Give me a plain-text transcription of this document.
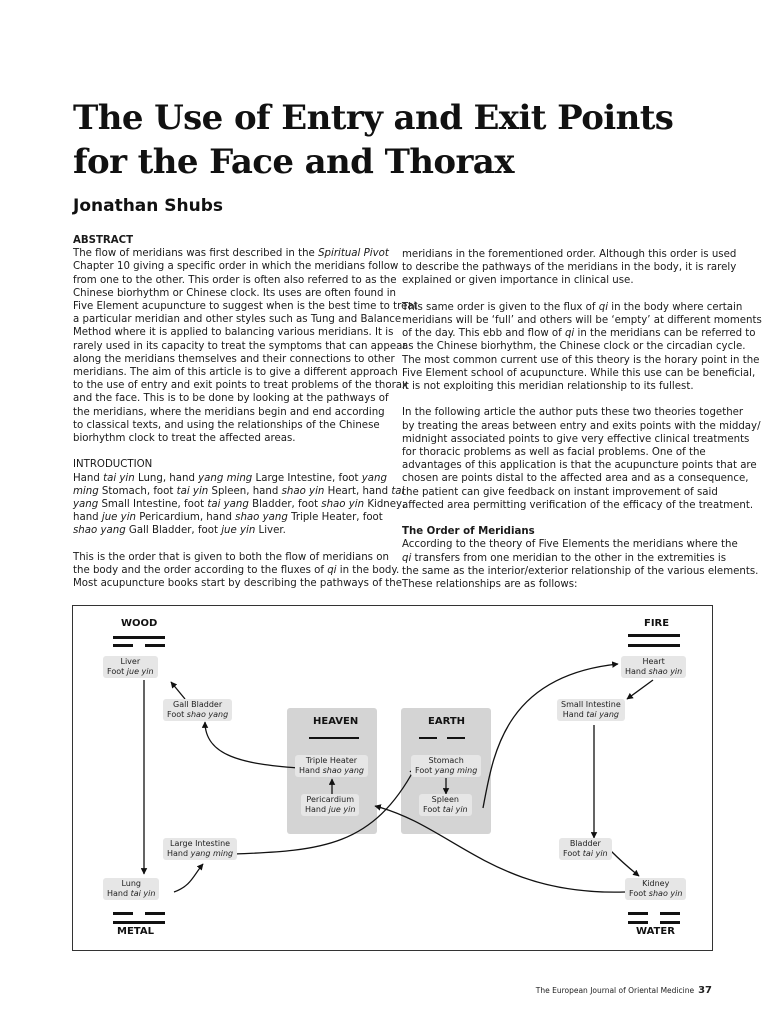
The Use of Entry and Exit Points
for the Face and Thorax
Jonathan Shubs
ABSTRACT
The flow of meridians was first described in the Spiritual Pivot
Chapter 10 giving a specific order in which the meridians follow
from one to the other. This order is often also referred to as the
Chinese biorhythm or Chinese clock. Its uses are often found in
Five Element acupuncture to suggest when is the best time to treat
a particular meridian and other styles such as Tung and Balance
Method where it is applied to balancing various meridians. It is
rarely used in its capacity to treat the symptoms that can appear
along the meridians themselves and their connections to other
meridians. The aim of this article is to give a different approach
to the use of entry and exit points to treat problems of the thorax
and the face. This is to be done by looking at the pathways of
the meridians, where the meridians begin and end according
to classical texts, and using the relationships of the Chinese
biorhythm clock to treat the affected areas.
INTRODUCTION
Hand tai yin Lung, hand yang ming Large Intestine, foot yang
ming Stomach, foot tai yin Spleen, hand shao yin Heart, hand tai
yang Small Intestine, foot tai yang Bladder, foot shao yin Kidney,
hand jue yin Pericardium, hand shao yang Triple Heater, foot
shao yang Gall Bladder, foot jue yin Liver.
This is the order that is given to both the flow of meridians on
the body and the order according to the fluxes of qi in the body.
Most acupuncture books start by describing the pathways of the
meridians in the forementioned order. Although this order is used
to describe the pathways of the meridians in the body, it is rarely
explained or given importance in clinical use.
This same order is given to the flux of qi in the body where certain
meridians will be ‘full’ and others will be ‘empty’ at different moments
of the day. This ebb and flow of qi in the meridians can be referred to
as the Chinese biorhythm, the Chinese clock or the circadian cycle.
The most common current use of this theory is the horary point in the
Five Element school of acupuncture. While this use can be beneficial,
it is not exploiting this meridian relationship to its fullest.
In the following article the author puts these two theories together
by treating the areas between entry and exits points with the midday/
midnight associated points to give very effective clinical treatments
for thoracic problems as well as facial problems. One of the
advantages of this application is that the acupuncture points that are
chosen are points distal to the affected area and as a consequence,
the patient can give feedback on instant improvement of said
affected area permitting verification of the efficacy of the treatment.
The Order of Meridians
According to the theory of Five Elements the meridians where the
qi transfers from one meridian to the other in the extremities is
the same as the interior/exterior relationship of the various elements.
These relationships are as follows:
WOOD	FIRE
METAL	WATER
HEAVEN	EARTH
Liver
Foot jue yin
Gall Bladder
Foot shao yang
Heart
Hand shao yin
Small Intestine
Hand tai yang
Triple Heater
Hand shao yang
Pericardium
Hand jue yin
Stomach
Foot yang ming
Spleen
Foot tai yin
Large Intestine
Hand yang ming
Lung
Hand tai yin
Bladder
Foot tai yin
Kidney
Foot shao yin
The European Journal of Oriental Medicine 37
